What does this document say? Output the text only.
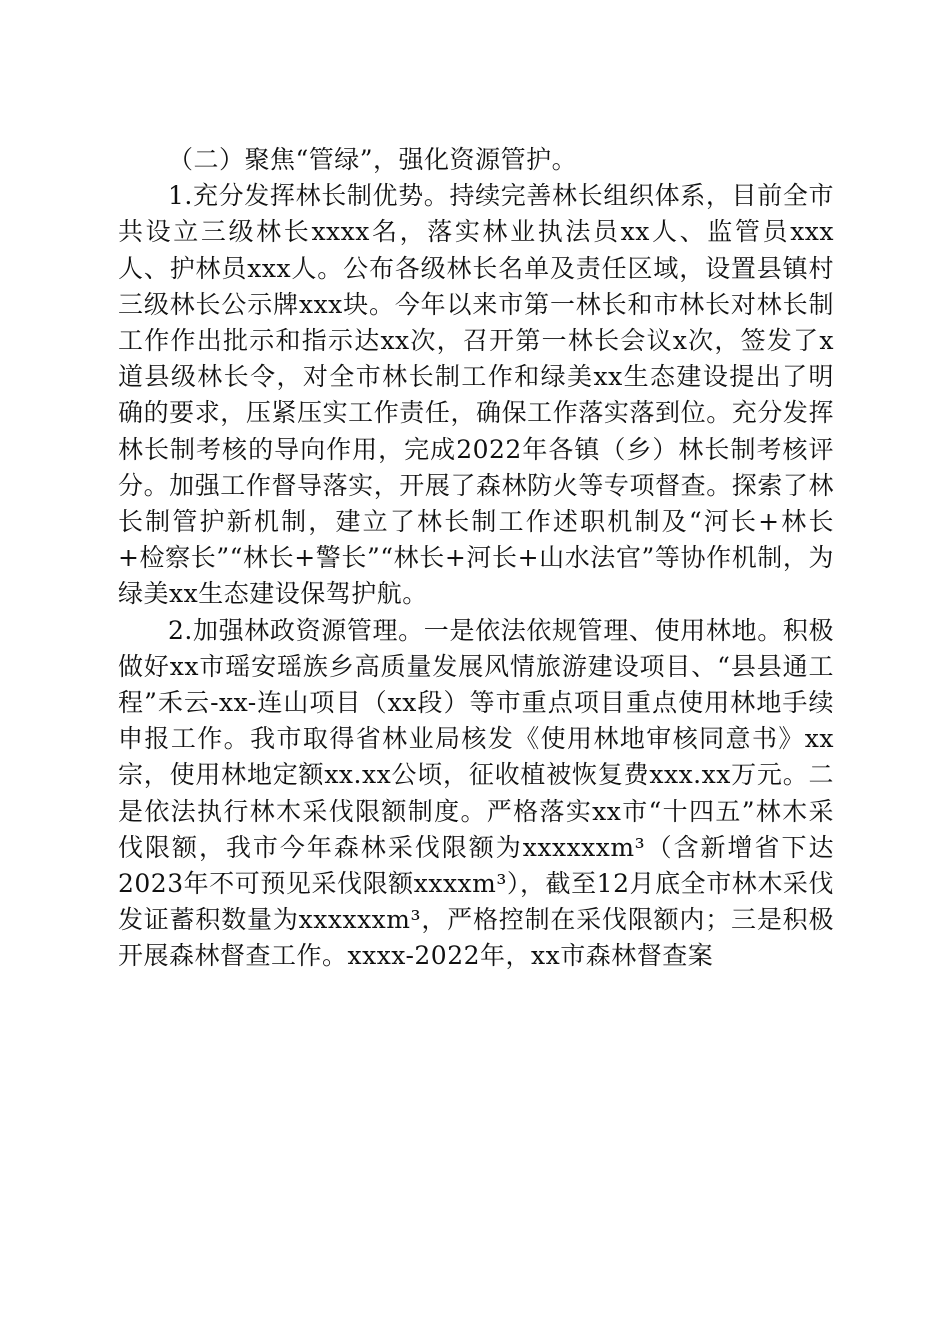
（二）聚焦“管绿”，强化资源管护。

1.充分发挥林长制优势。持续完善林长组织体系，目前全市共设立三级林长xxxx名，落实林业执法员xx人、监管员xxx人、护林员xxx人。公布各级林长名单及责任区域，设置县镇村三级林长公示牌xxx块。今年以来市第一林长和市林长对林长制工作作出批示和指示达xx次，召开第一林长会议x次，签发了x道县级林长令，对全市林长制工作和绿美xx生态建设提出了明确的要求，压紧压实工作责任，确保工作落实落到位。充分发挥林长制考核的导向作用，完成2022年各镇（乡）林长制考核评分。加强工作督导落实，开展了森林防火等专项督查。探索了林长制管护新机制，建立了林长制工作述职机制及“河长+林长+检察长”“林长+警长”“林长+河长+山水法官”等协作机制，为绿美xx生态建设保驾护航。

2.加强林政资源管理。一是依法依规管理、使用林地。积极做好xx市瑶安瑶族乡高质量发展风情旅游建设项目、“县县通工程”禾云-xx-连山项目（xx段）等市重点项目重点使用林地手续申报工作。我市取得省林业局核发《使用林地审核同意书》xx宗，使用林地定额xx.xx公顷，征收植被恢复费xxx.xx万元。二是依法执行林木采伐限额制度。严格落实xx市“十四五”林木采伐限额，我市今年森林采伐限额为xxxxxxm³（含新增省下达2023年不可预见采伐限额xxxxm³），截至12月底全市林木采伐发证蓄积数量为xxxxxxm³，严格控制在采伐限额内；三是积极开展森林督查工作。xxxx-2022年，xx市森林督查案
